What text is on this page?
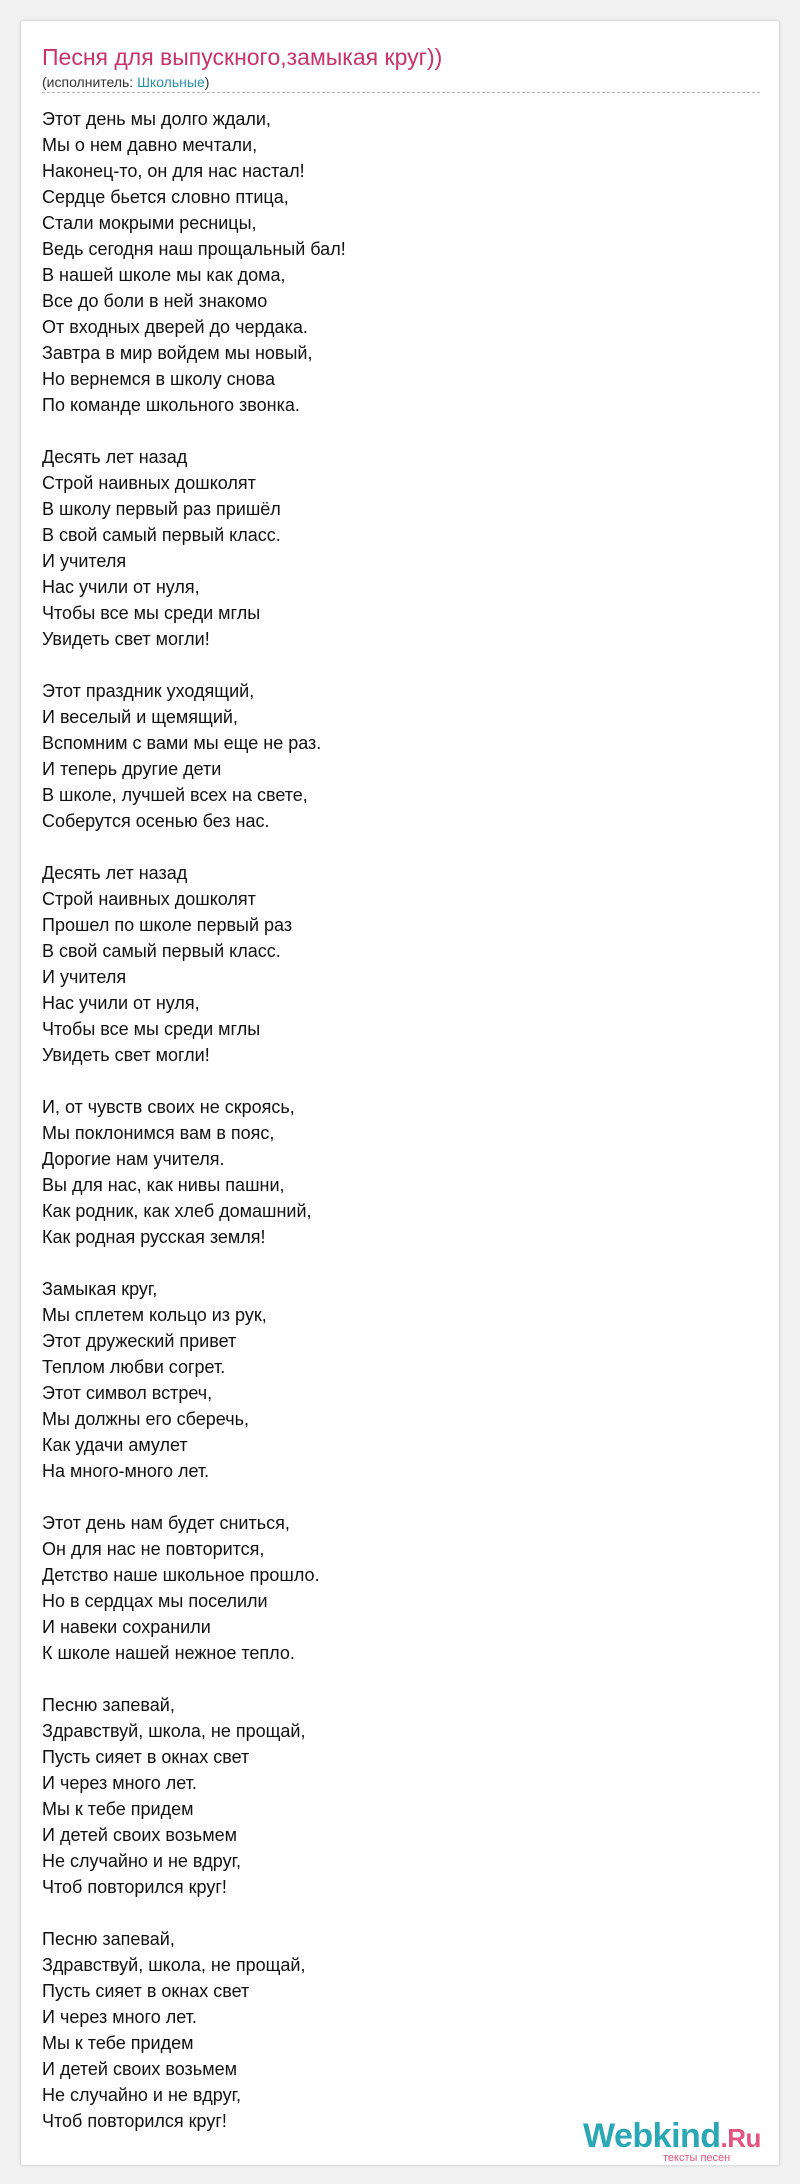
Песня для выпускного,замыкая круг))
(исполнитель: Школьные)
Этот день мы долго ждали,
Мы о нем давно мечтали,
Наконец-то, он для нас настал!
Сердце бьется словно птица,
Стали мокрыми ресницы,
Ведь сегодня наш прощальный бал!
В нашей школе мы как дома,
Все до боли в ней знакомо
От входных дверей до чердака.
Завтра в мир войдем мы новый,
Но вернемся в школу снова
По команде школьного звонка.
Десять лет назад
Строй наивных дошколят
В школу первый раз пришёл
В свой самый первый класс.
И учителя
Нас учили от нуля,
Чтобы все мы среди мглы
Увидеть свет могли!
Этот праздник уходящий,
И веселый и щемящий,
Вспомним с вами мы еще не раз.
И теперь другие дети
В школе, лучшей всех на свете,
Соберутся осенью без нас.
Десять лет назад
Строй наивных дошколят
Прошел по школе первый раз
В свой самый первый класс.
И учителя
Нас учили от нуля,
Чтобы все мы среди мглы
Увидеть свет могли!
И, от чувств своих не скроясь,
Мы поклонимся вам в пояс,
Дорогие нам учителя.
Вы для нас, как нивы пашни,
Как родник, как хлеб домашний,
Как родная русская земля!
Замыкая круг,
Мы сплетем кольцо из рук,
Этот дружеский привет
Теплом любви согрет.
Этот символ встреч,
Мы должны его сберечь,
Как удачи амулет
На много-много лет.
Этот день нам будет сниться,
Он для нас не повторится,
Детство наше школьное прошло.
Но в сердцах мы поселили
И навеки сохранили
К школе нашей нежное тепло.
Песню запевай,
Здравствуй, школа, не прощай,
Пусть сияет в окнах свет
И через много лет.
Мы к тебе придем
И детей своих возьмем
Не случайно и не вдруг,
Чтоб повторился круг!
Песню запевай,
Здравствуй, школа, не прощай,
Пусть сияет в окнах свет
И через много лет.
Мы к тебе придем
И детей своих возьмем
Не случайно и не вдруг,
Чтоб повторился круг!	Webkind.Ru
тексты песен
